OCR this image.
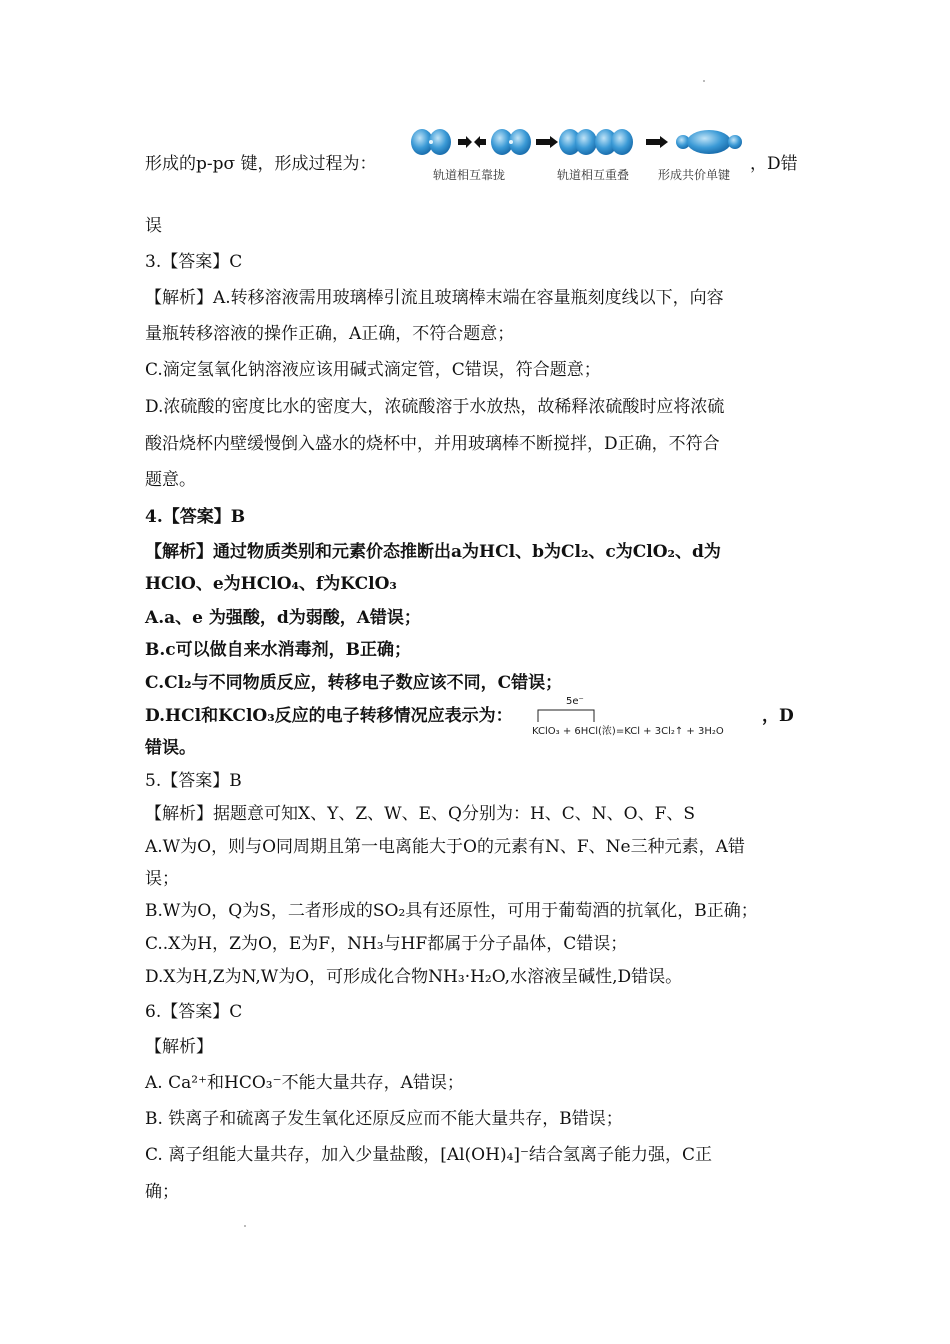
形成的p-pσ 键，形成过程为：
轨道相互靠拢	轨道相互重叠 形成共价单键
，D错
误
3.【答案】C
【解析】A.转移溶液需用玻璃棒引流且玻璃棒末端在容量瓶刻度线以下，向容
量瓶转移溶液的操作正确，A正确，不符合题意；
C.滴定氢氧化钠溶液应该用碱式滴定管，C错误，符合题意；
D.浓硫酸的密度比水的密度大，浓硫酸溶于水放热，故稀释浓硫酸时应将浓硫
酸沿烧杯内壁缓慢倒入盛水的烧杯中，并用玻璃棒不断搅拌，D正确，不符合
题意。
4.【答案】B
【解析】通过物质类别和元素价态推断出a为HCl、b为Cl₂、c为ClO₂、d为
HClO、e为HClO₄、f为KClO₃
A.a、e 为强酸，d为弱酸，A错误；
B.c可以做自来水消毒剂，B正确；
C.Cl₂与不同物质反应，转移电子数应该不同，C错误；
D.HCl和KClO₃反应的电子转移情况应表示为：
5e⁻
KClO₃ + 6HCl(浓)=KCl + 3Cl₂↑ + 3H₂O
，D
错误。
5.【答案】B
【解析】据题意可知X、Y、Z、W、E、Q分别为：H、C、N、O、F、S
A.W为O，则与O同周期且第一电离能大于O的元素有N、F、Ne三种元素，A错
误；
B.W为O，Q为S，二者形成的SO₂具有还原性，可用于葡萄酒的抗氧化，B正确；
C..X为H，Z为O，E为F，NH₃与HF都属于分子晶体，C错误；
D.X为H,Z为N,W为O，可形成化合物NH₃·H₂O,水溶液呈碱性,D错误。
6.【答案】C
【解析】
A. Ca²⁺和HCO₃⁻不能大量共存，A错误；
B. 铁离子和硫离子发生氧化还原反应而不能大量共存，B错误；
C. 离子组能大量共存，加入少量盐酸，[Al(OH)₄]⁻结合氢离子能力强，C正
确；
